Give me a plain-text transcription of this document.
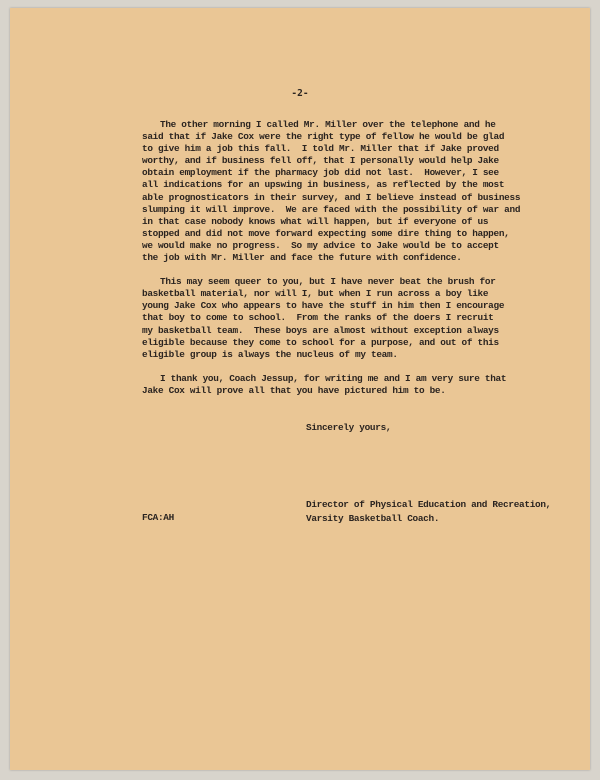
-2-
The other morning I called Mr. Miller over the telephone and he
said that if Jake Cox were the right type of fellow he would be glad
to give him a job this fall.  I told Mr. Miller that if Jake proved
worthy, and if business fell off, that I personally would help Jake
obtain employment if the pharmacy job did not last.  However, I see
all indications for an upswing in business, as reflected by the most
able prognosticators in their survey, and I believe instead of business
slumping it will improve.  We are faced with the possibility of war and
in that case nobody knows what will happen, but if everyone of us
stopped and did not move forward expecting some dire thing to happen,
we would make no progress.  So my advice to Jake would be to accept
the job with Mr. Miller and face the future with confidence.
This may seem queer to you, but I have never beat the brush for
basketball material, nor will I, but when I run across a boy like
young Jake Cox who appears to have the stuff in him then I encourage
that boy to come to school.  From the ranks of the doers I recruit
my basketball team.  These boys are almost without exception always
eligible because they come to school for a purpose, and out of this
eligible group is always the nucleus of my team.
I thank you, Coach Jessup, for writing me and I am very sure that
Jake Cox will prove all that you have pictured him to be.
Sincerely yours,
Director of Physical Education and Recreation,
Varsity Basketball Coach.
FCA:AH
